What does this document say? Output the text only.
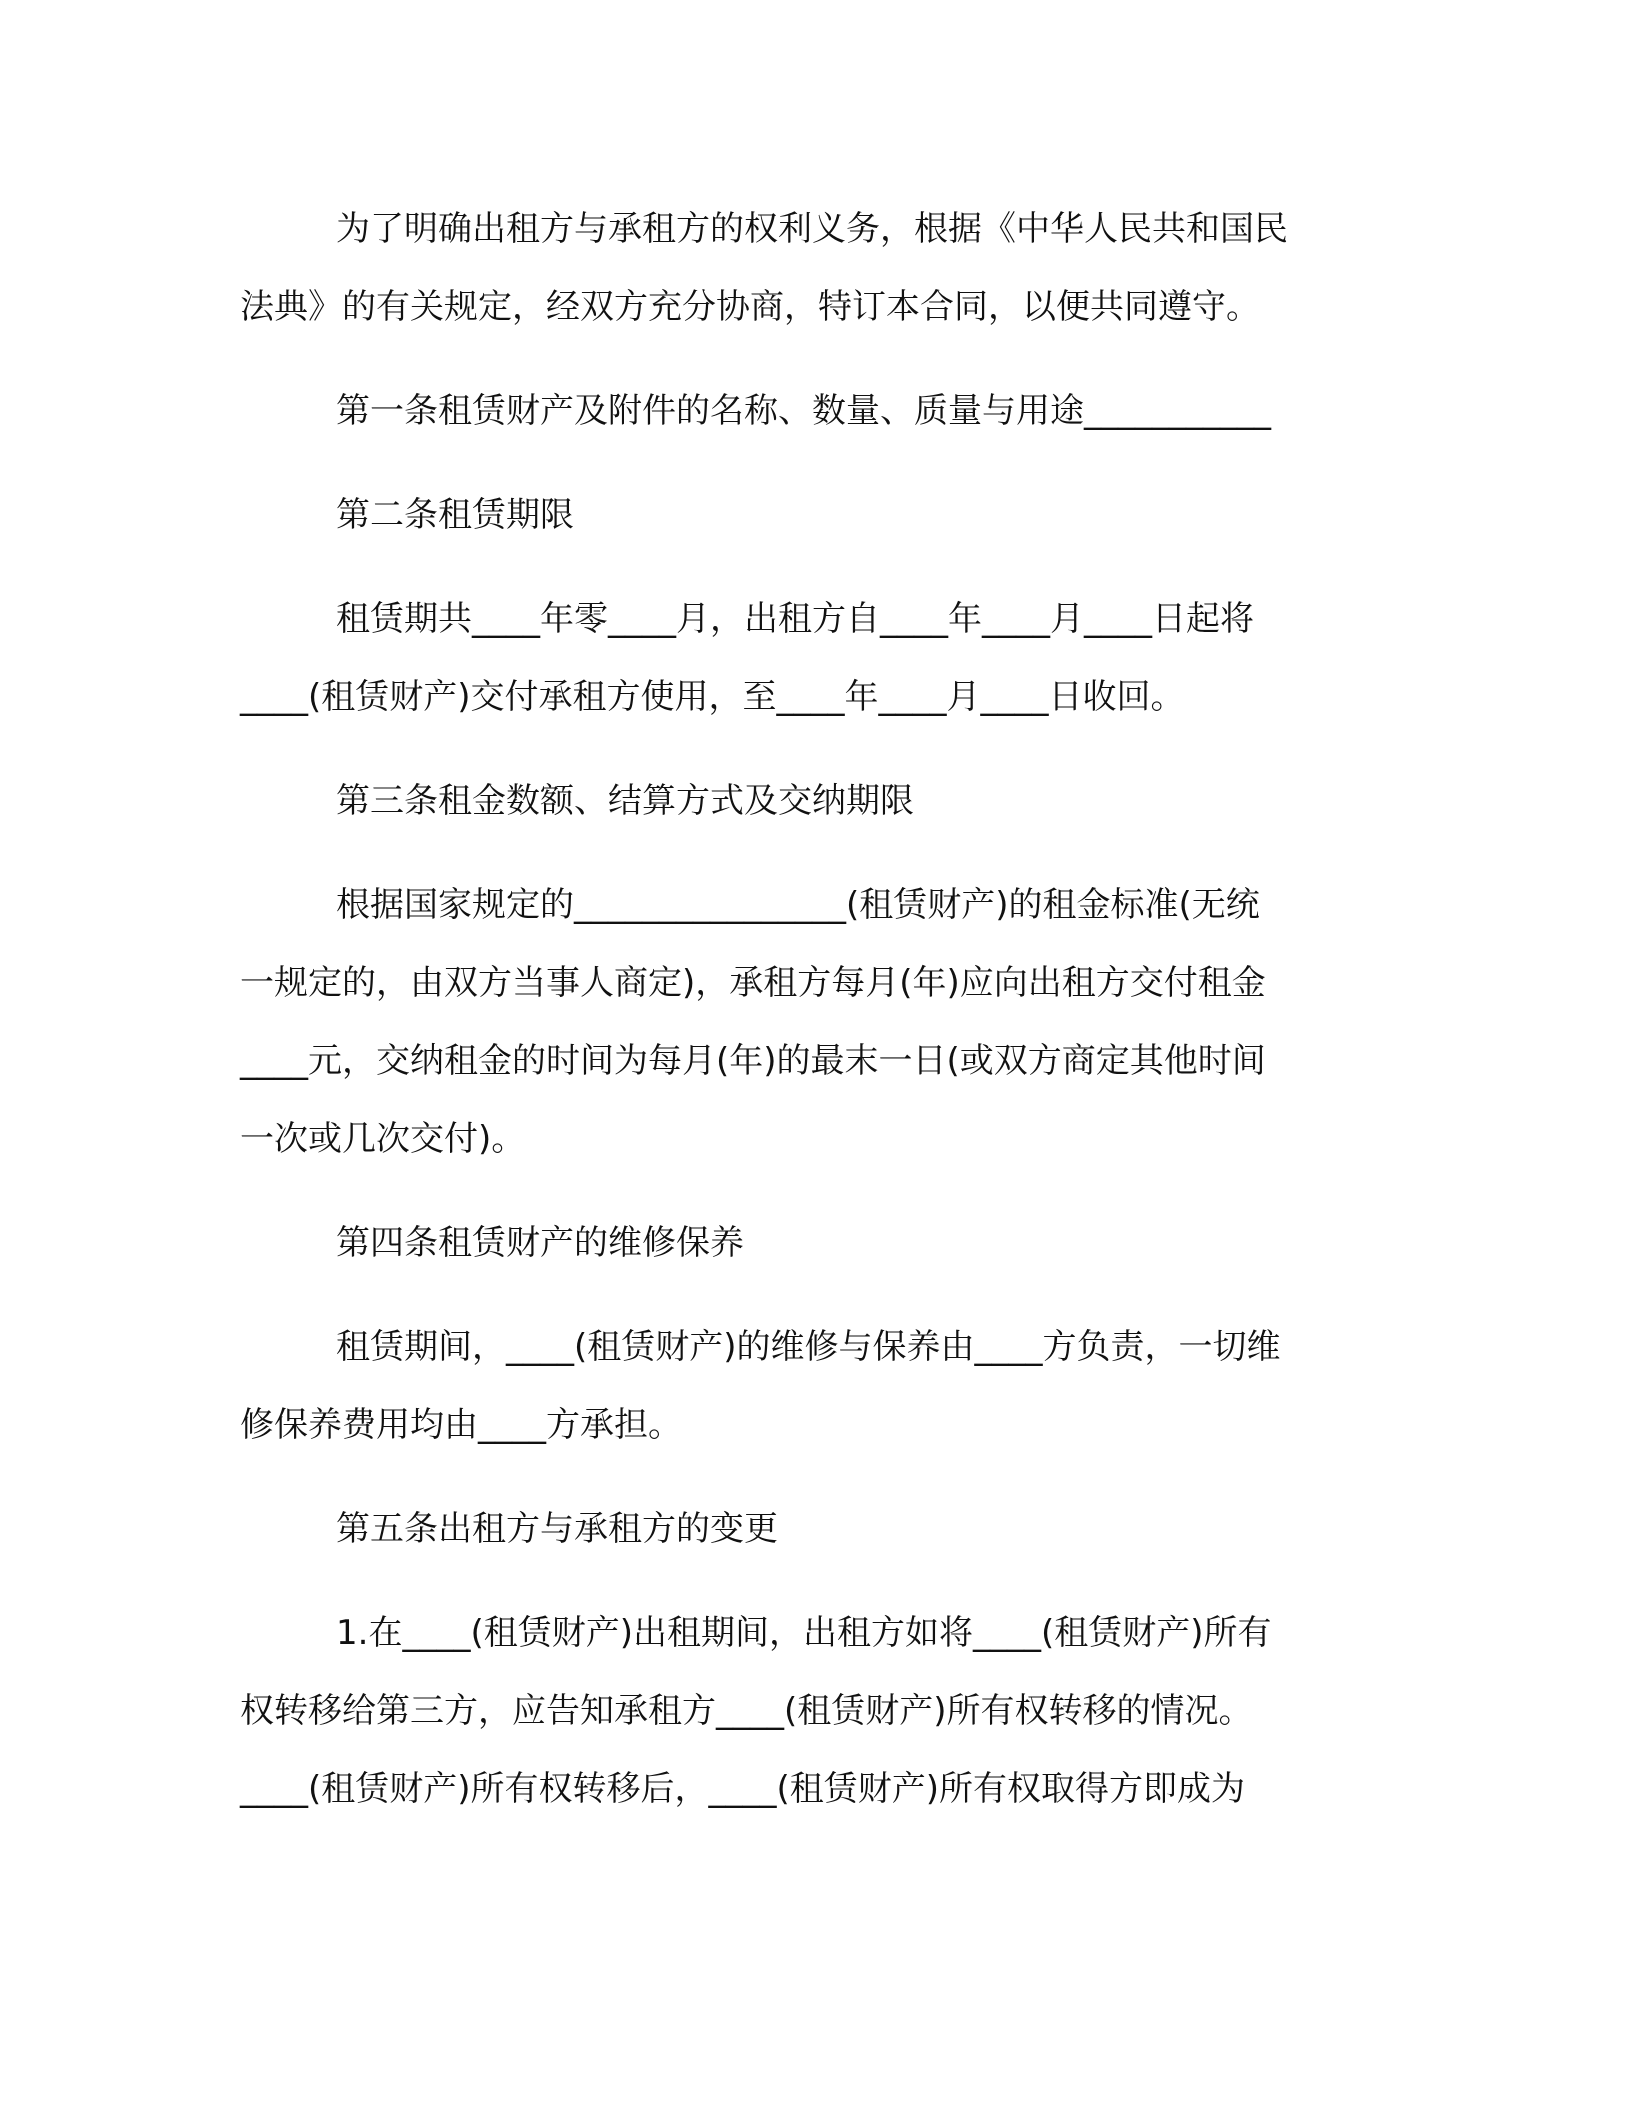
为了明确出租方与承租方的权利义务，根据《中华人民共和国民
法典》的有关规定，经双方充分协商，特订本合同，以便共同遵守。

第一条租赁财产及附件的名称、数量、质量与用途___________

第二条租赁期限

租赁期共____年零____月，出租方自____年____月____日起将
____(租赁财产)交付承租方使用，至____年____月____日收回。

第三条租金数额、结算方式及交纳期限

根据国家规定的________________(租赁财产)的租金标准(无统
一规定的，由双方当事人商定)，承租方每月(年)应向出租方交付租金
____元，交纳租金的时间为每月(年)的最末一日(或双方商定其他时间
一次或几次交付)。

第四条租赁财产的维修保养

租赁期间，____(租赁财产)的维修与保养由____方负责，一切维
修保养费用均由____方承担。

第五条出租方与承租方的变更

1.在____(租赁财产)出租期间，出租方如将____(租赁财产)所有
权转移给第三方，应告知承租方____(租赁财产)所有权转移的情况。
____(租赁财产)所有权转移后，____(租赁财产)所有权取得方即成为
